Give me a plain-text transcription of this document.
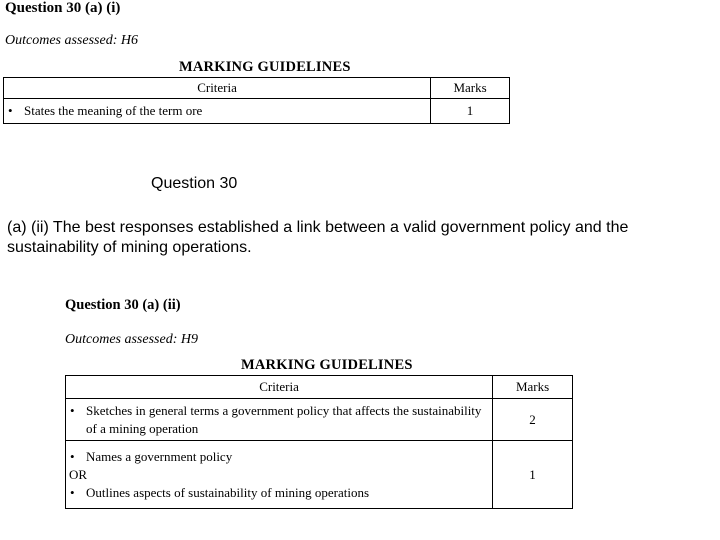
Question 30 (a) (i)
Outcomes assessed: H6
MARKING GUIDELINES
Criteria	Marks

• States the meaning of the term ore	1
Question 30
(a) (ii) The best responses established a link between a valid government policy and the sustainability of mining operations.
Question 30 (a) (ii)
Outcomes assessed: H9
MARKING GUIDELINES
Criteria	Marks

• Sketches in general terms a government policy that affects the sustainability
of a mining operation	2

• Names a government policy
OR
• Outlines aspects of sustainability of mining operations	1
